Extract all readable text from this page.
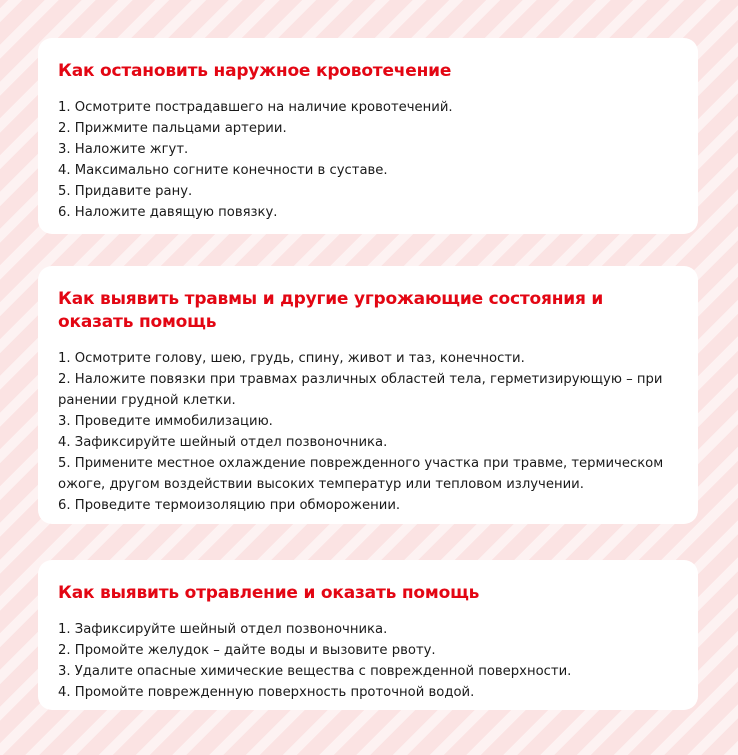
Как остановить наружное кровотечение
1. Осмотрите пострадавшего на наличие кровотечений.
2. Прижмите пальцами артерии.
3. Наложите жгут.
4. Максимально согните конечности в суставе.
5. Придавите рану.
6. Наложите давящую повязку.
Как выявить травмы и другие угрожающие состояния и оказать помощь
1. Осмотрите голову, шею, грудь, спину, живот и таз, конечности.
2. Наложите повязки при травмах различных областей тела, герметизирующую – при ранении грудной клетки.
3. Проведите иммобилизацию.
4. Зафиксируйте шейный отдел позвоночника.
5. Примените местное охлаждение поврежденного участка при травме, термическом ожоге, другом воздействии высоких температур или тепловом излучении.
6. Проведите термоизоляцию при обморожении.
Как выявить отравление и оказать помощь
1. Зафиксируйте шейный отдел позвоночника.
2. Промойте желудок – дайте воды и вызовите рвоту.
3. Удалите опасные химические вещества с поврежденной поверхности.
4. Промойте поврежденную поверхность проточной водой.
